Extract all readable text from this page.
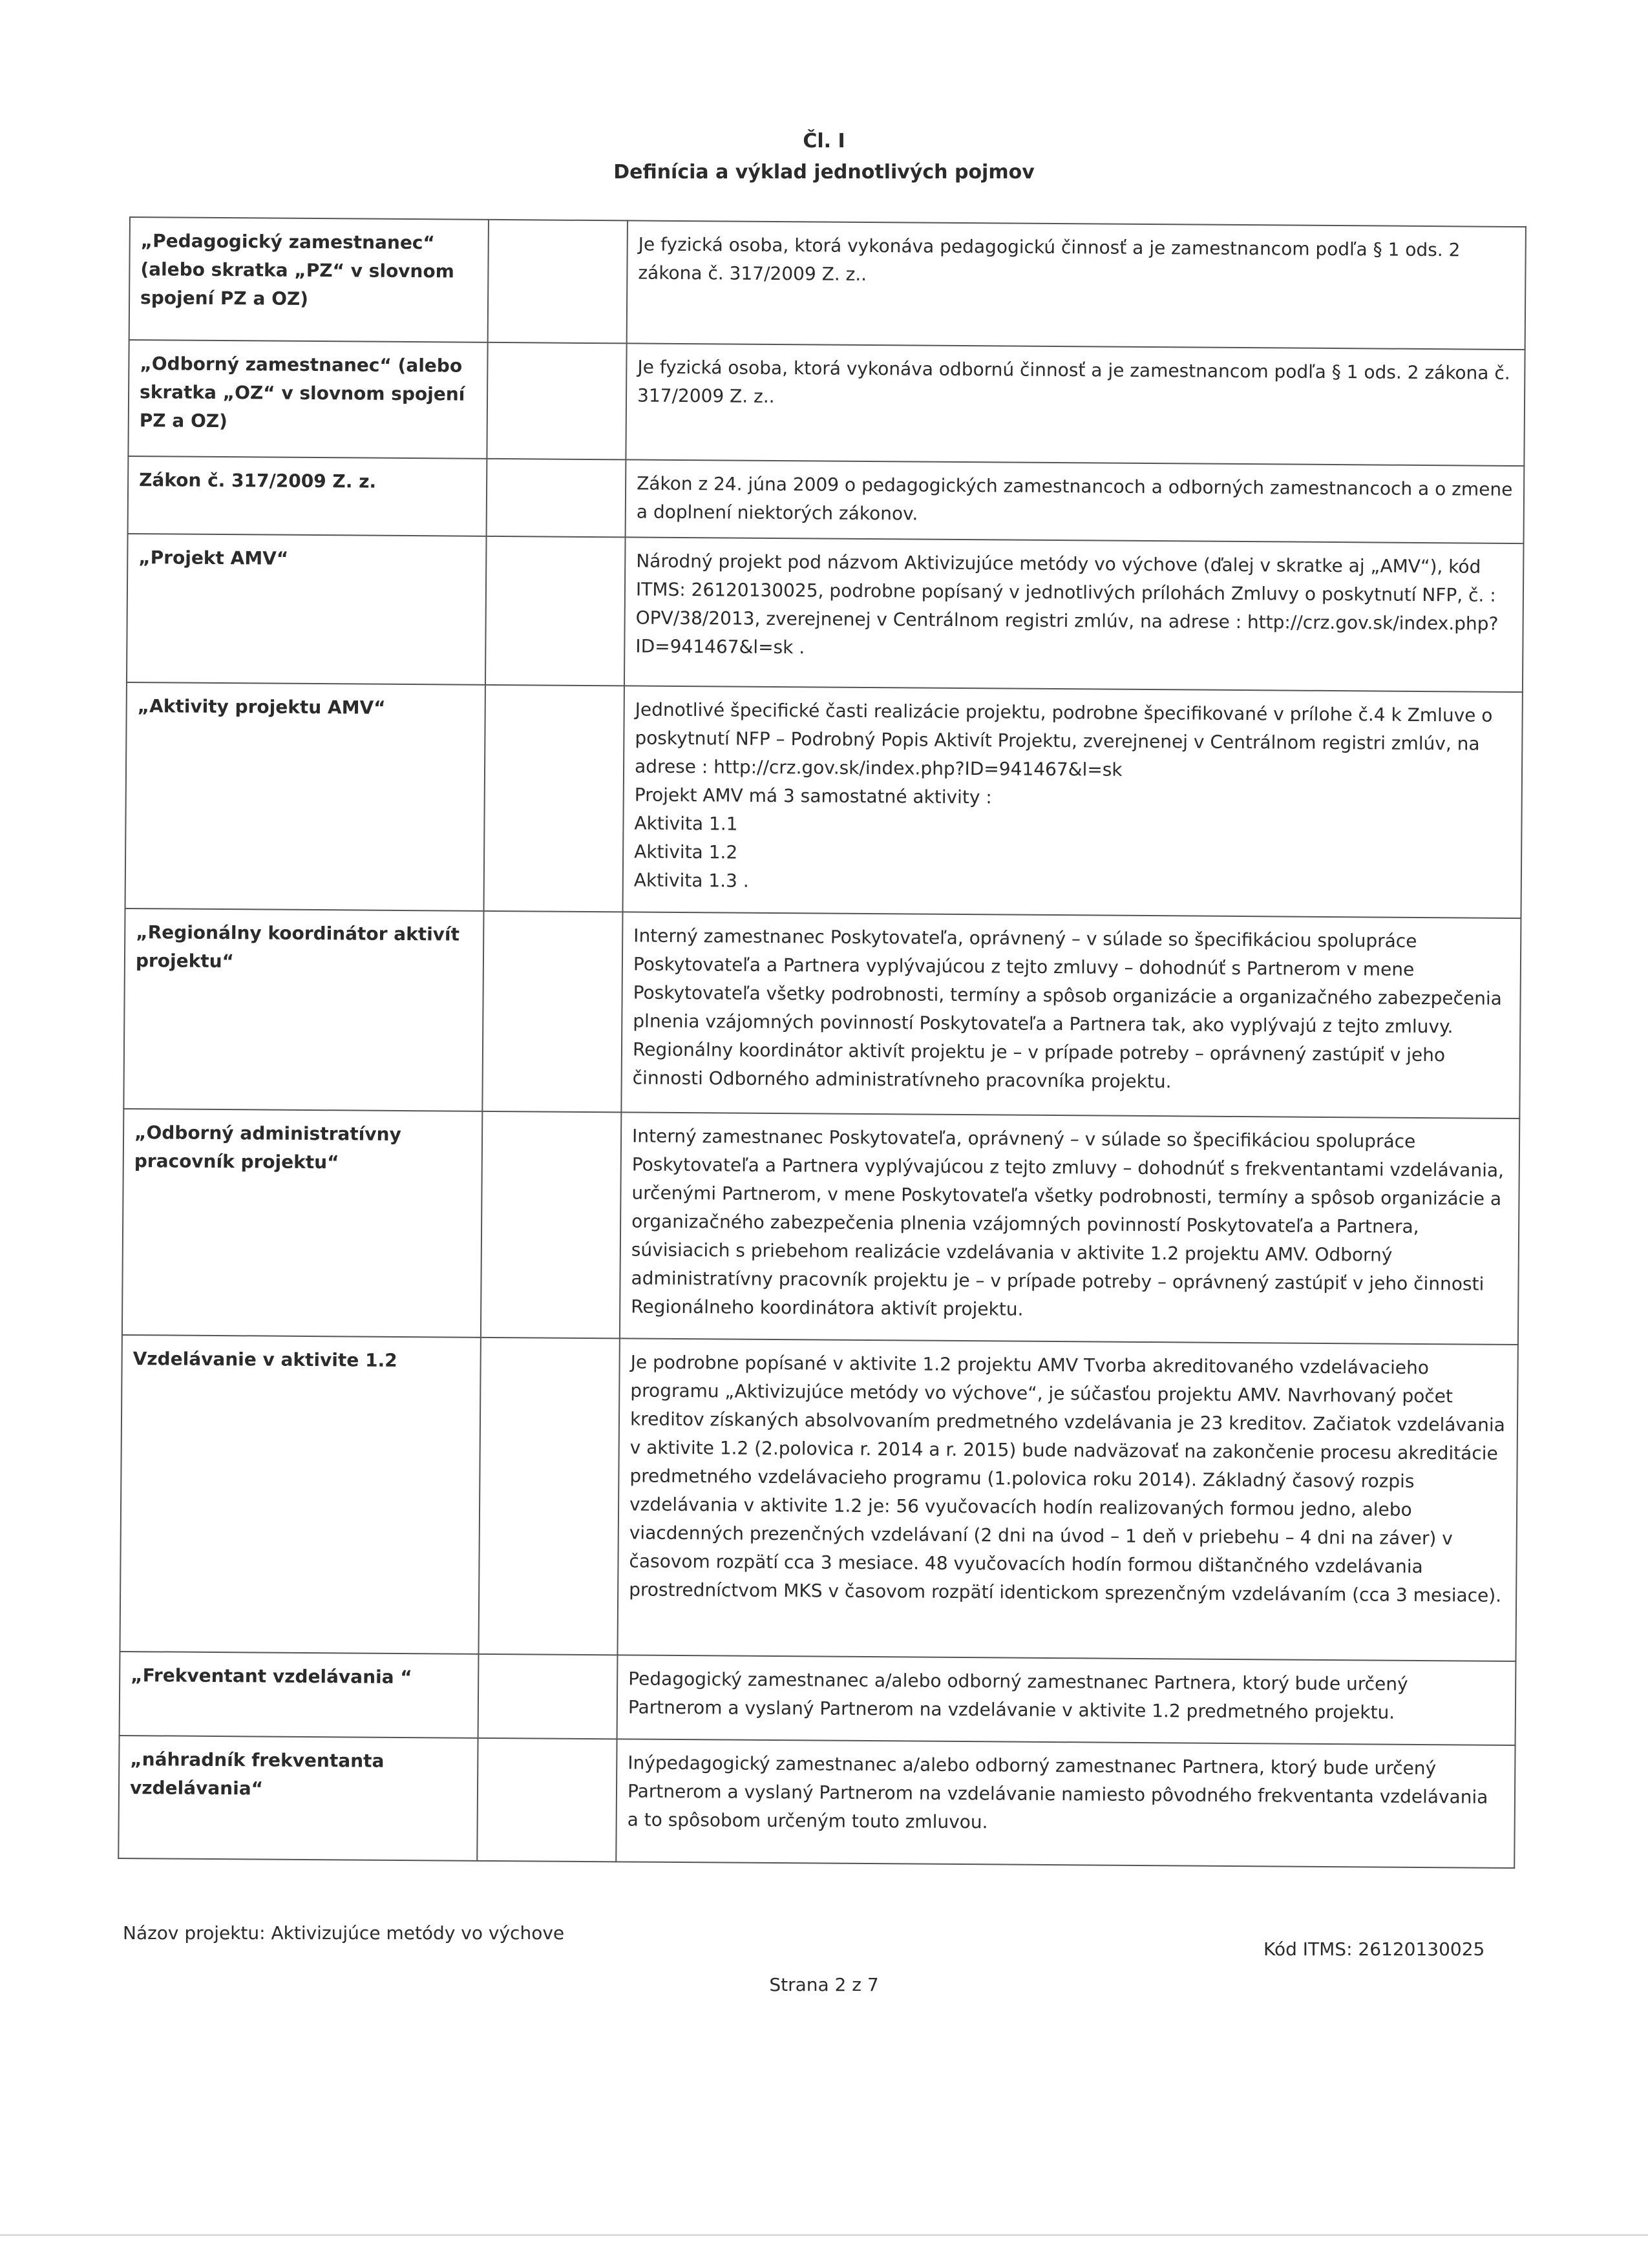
Čl. I
Definícia a výklad jednotlivých pojmov
„Pedagogický zamestnanec“ (alebo skratka „PZ“ v slovnom spojení PZ a OZ)		Je fyzická osoba, ktorá vykonáva pedagogickú činnosť a je zamestnancom podľa § 1 ods. 2 zákona č. 317/2009 Z. z..
„Odborný zamestnanec“ (alebo skratka „OZ“ v slovnom spojení PZ a OZ)		Je fyzická osoba, ktorá vykonáva odbornú činnosť a je zamestnancom podľa § 1 ods. 2 zákona č. 317/2009 Z. z..
Zákon č. 317/2009 Z. z.		Zákon z 24. júna 2009 o pedagogických zamestnancoch a odborných zamestnancoch a o zmene a doplnení niektorých zákonov.
„Projekt AMV“		Národný projekt pod názvom Aktivizujúce metódy vo výchove (ďalej v skratke aj „AMV“), kód ITMS: 26120130025, podrobne popísaný v jednotlivých prílohách Zmluvy o poskytnutí NFP, č. : OPV/38/2013, zverejnenej v Centrálnom registri zmlúv, na adrese : http://crz.gov.sk/index.php?ID=941467&l=sk .
„Aktivity projektu AMV“		Jednotlivé špecifické časti realizácie projektu, podrobne špecifikované v prílohe č.4 k Zmluve o poskytnutí NFP – Podrobný Popis Aktivít Projektu, zverejnenej v Centrálnom registri zmlúv, na adrese : http://crz.gov.sk/index.php?ID=941467&l=sk
Projekt AMV má 3 samostatné aktivity :
Aktivita 1.1
Aktivita 1.2
Aktivita 1.3 .
„Regionálny koordinátor aktivít projektu“		Interný zamestnanec Poskytovateľa, oprávnený – v súlade so špecifikáciou spolupráce Poskytovateľa a Partnera vyplývajúcou z tejto zmluvy – dohodnúť s Partnerom v mene Poskytovateľa všetky podrobnosti, termíny a spôsob organizácie a organizačného zabezpečenia plnenia vzájomných povinností Poskytovateľa a Partnera tak, ako vyplývajú z tejto zmluvy. Regionálny koordinátor aktivít projektu je – v prípade potreby – oprávnený zastúpiť v jeho činnosti Odborného administratívneho pracovníka projektu.
„Odborný administratívny pracovník projektu“		Interný zamestnanec Poskytovateľa, oprávnený – v súlade so špecifikáciou spolupráce Poskytovateľa a Partnera vyplývajúcou z tejto zmluvy – dohodnúť s frekventantami vzdelávania, určenými Partnerom, v mene Poskytovateľa všetky podrobnosti, termíny a spôsob organizácie a organizačného zabezpečenia plnenia vzájomných povinností Poskytovateľa a Partnera, súvisiacich s priebehom realizácie vzdelávania v aktivite 1.2 projektu AMV. Odborný administratívny pracovník projektu je – v prípade potreby – oprávnený zastúpiť v jeho činnosti Regionálneho koordinátora aktivít projektu.
Vzdelávanie v aktivite 1.2		Je podrobne popísané v aktivite 1.2 projektu AMV Tvorba akreditovaného vzdelávacieho programu „Aktivizujúce metódy vo výchove“, je súčasťou projektu AMV. Navrhovaný počet kreditov získaných absolvovaním predmetného vzdelávania je 23 kreditov. Začiatok vzdelávania v aktivite 1.2 (2.polovica r. 2014 a r. 2015) bude nadväzovať na zakončenie procesu akreditácie predmetného vzdelávacieho programu (1.polovica roku 2014). Základný časový rozpis vzdelávania v aktivite 1.2 je: 56 vyučovacích hodín realizovaných formou jedno, alebo viacdenných prezenčných vzdelávaní (2 dni na úvod – 1 deň v priebehu – 4 dni na záver) v časovom rozpätí cca 3 mesiace. 48 vyučovacích hodín formou dištančného vzdelávania prostredníctvom MKS v časovom rozpätí identickom sprezenčným vzdelávaním (cca 3 mesiace).
„Frekventant vzdelávania “		Pedagogický zamestnanec a/alebo odborný zamestnanec Partnera, ktorý bude určený Partnerom a vyslaný Partnerom na vzdelávanie v aktivite 1.2 predmetného projektu.
„náhradník frekventanta vzdelávania“		Inýpedagogický zamestnanec a/alebo odborný zamestnanec Partnera, ktorý bude určený Partnerom a vyslaný Partnerom na vzdelávanie namiesto pôvodného frekventanta vzdelávania a to spôsobom určeným touto zmluvou.
Názov projektu: Aktivizujúce metódy vo výchove
Kód ITMS: 26120130025
Strana 2 z 7
